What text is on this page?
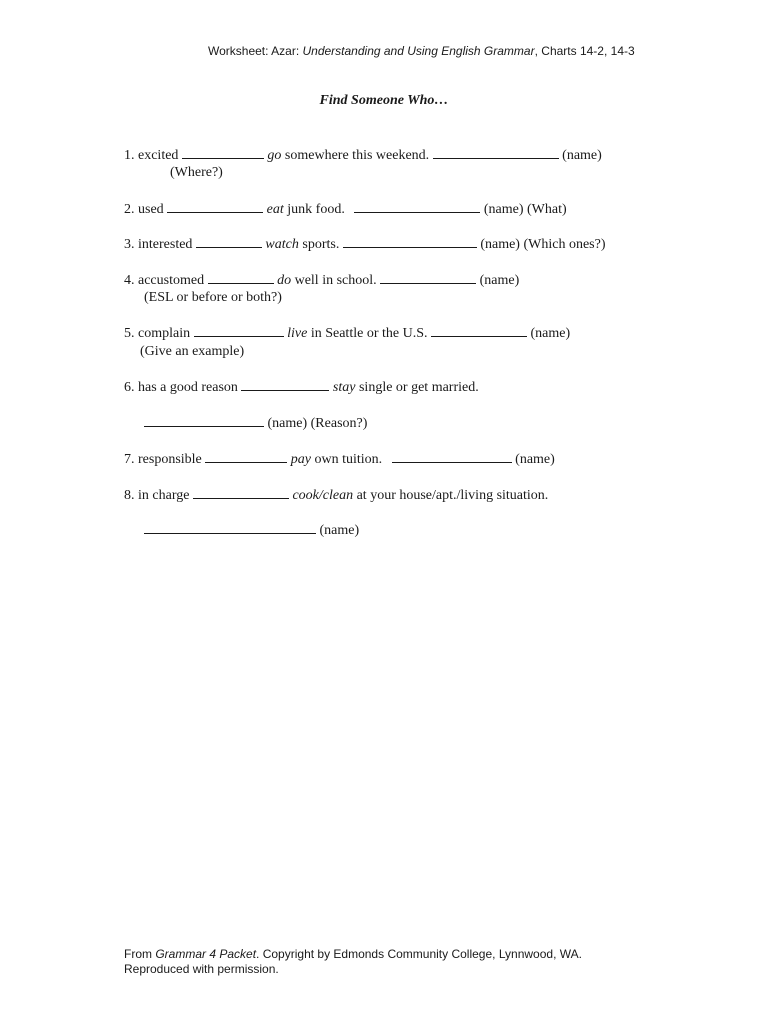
Worksheet: Azar: Understanding and Using English Grammar, Charts 14-2, 14-3
Find Someone Who…
1. excited	go somewhere this weekend.	(name)
(Where?)
2. used	eat junk food.	(name) (What)
3. interested	watch sports.	(name) (Which ones?)
4. accustomed	do well in school.	(name)
(ESL or before or both?)
5. complain	live in Seattle or the U.S.	(name)
(Give an example)
6. has a good reason	stay single or get married.
(name) (Reason?)
7. responsible	pay own tuition.	(name)
8. in charge	cook/clean at your house/apt./living situation.
(name)
From Grammar 4 Packet. Copyright by Edmonds Community College, Lynnwood, WA.
Reproduced with permission.
